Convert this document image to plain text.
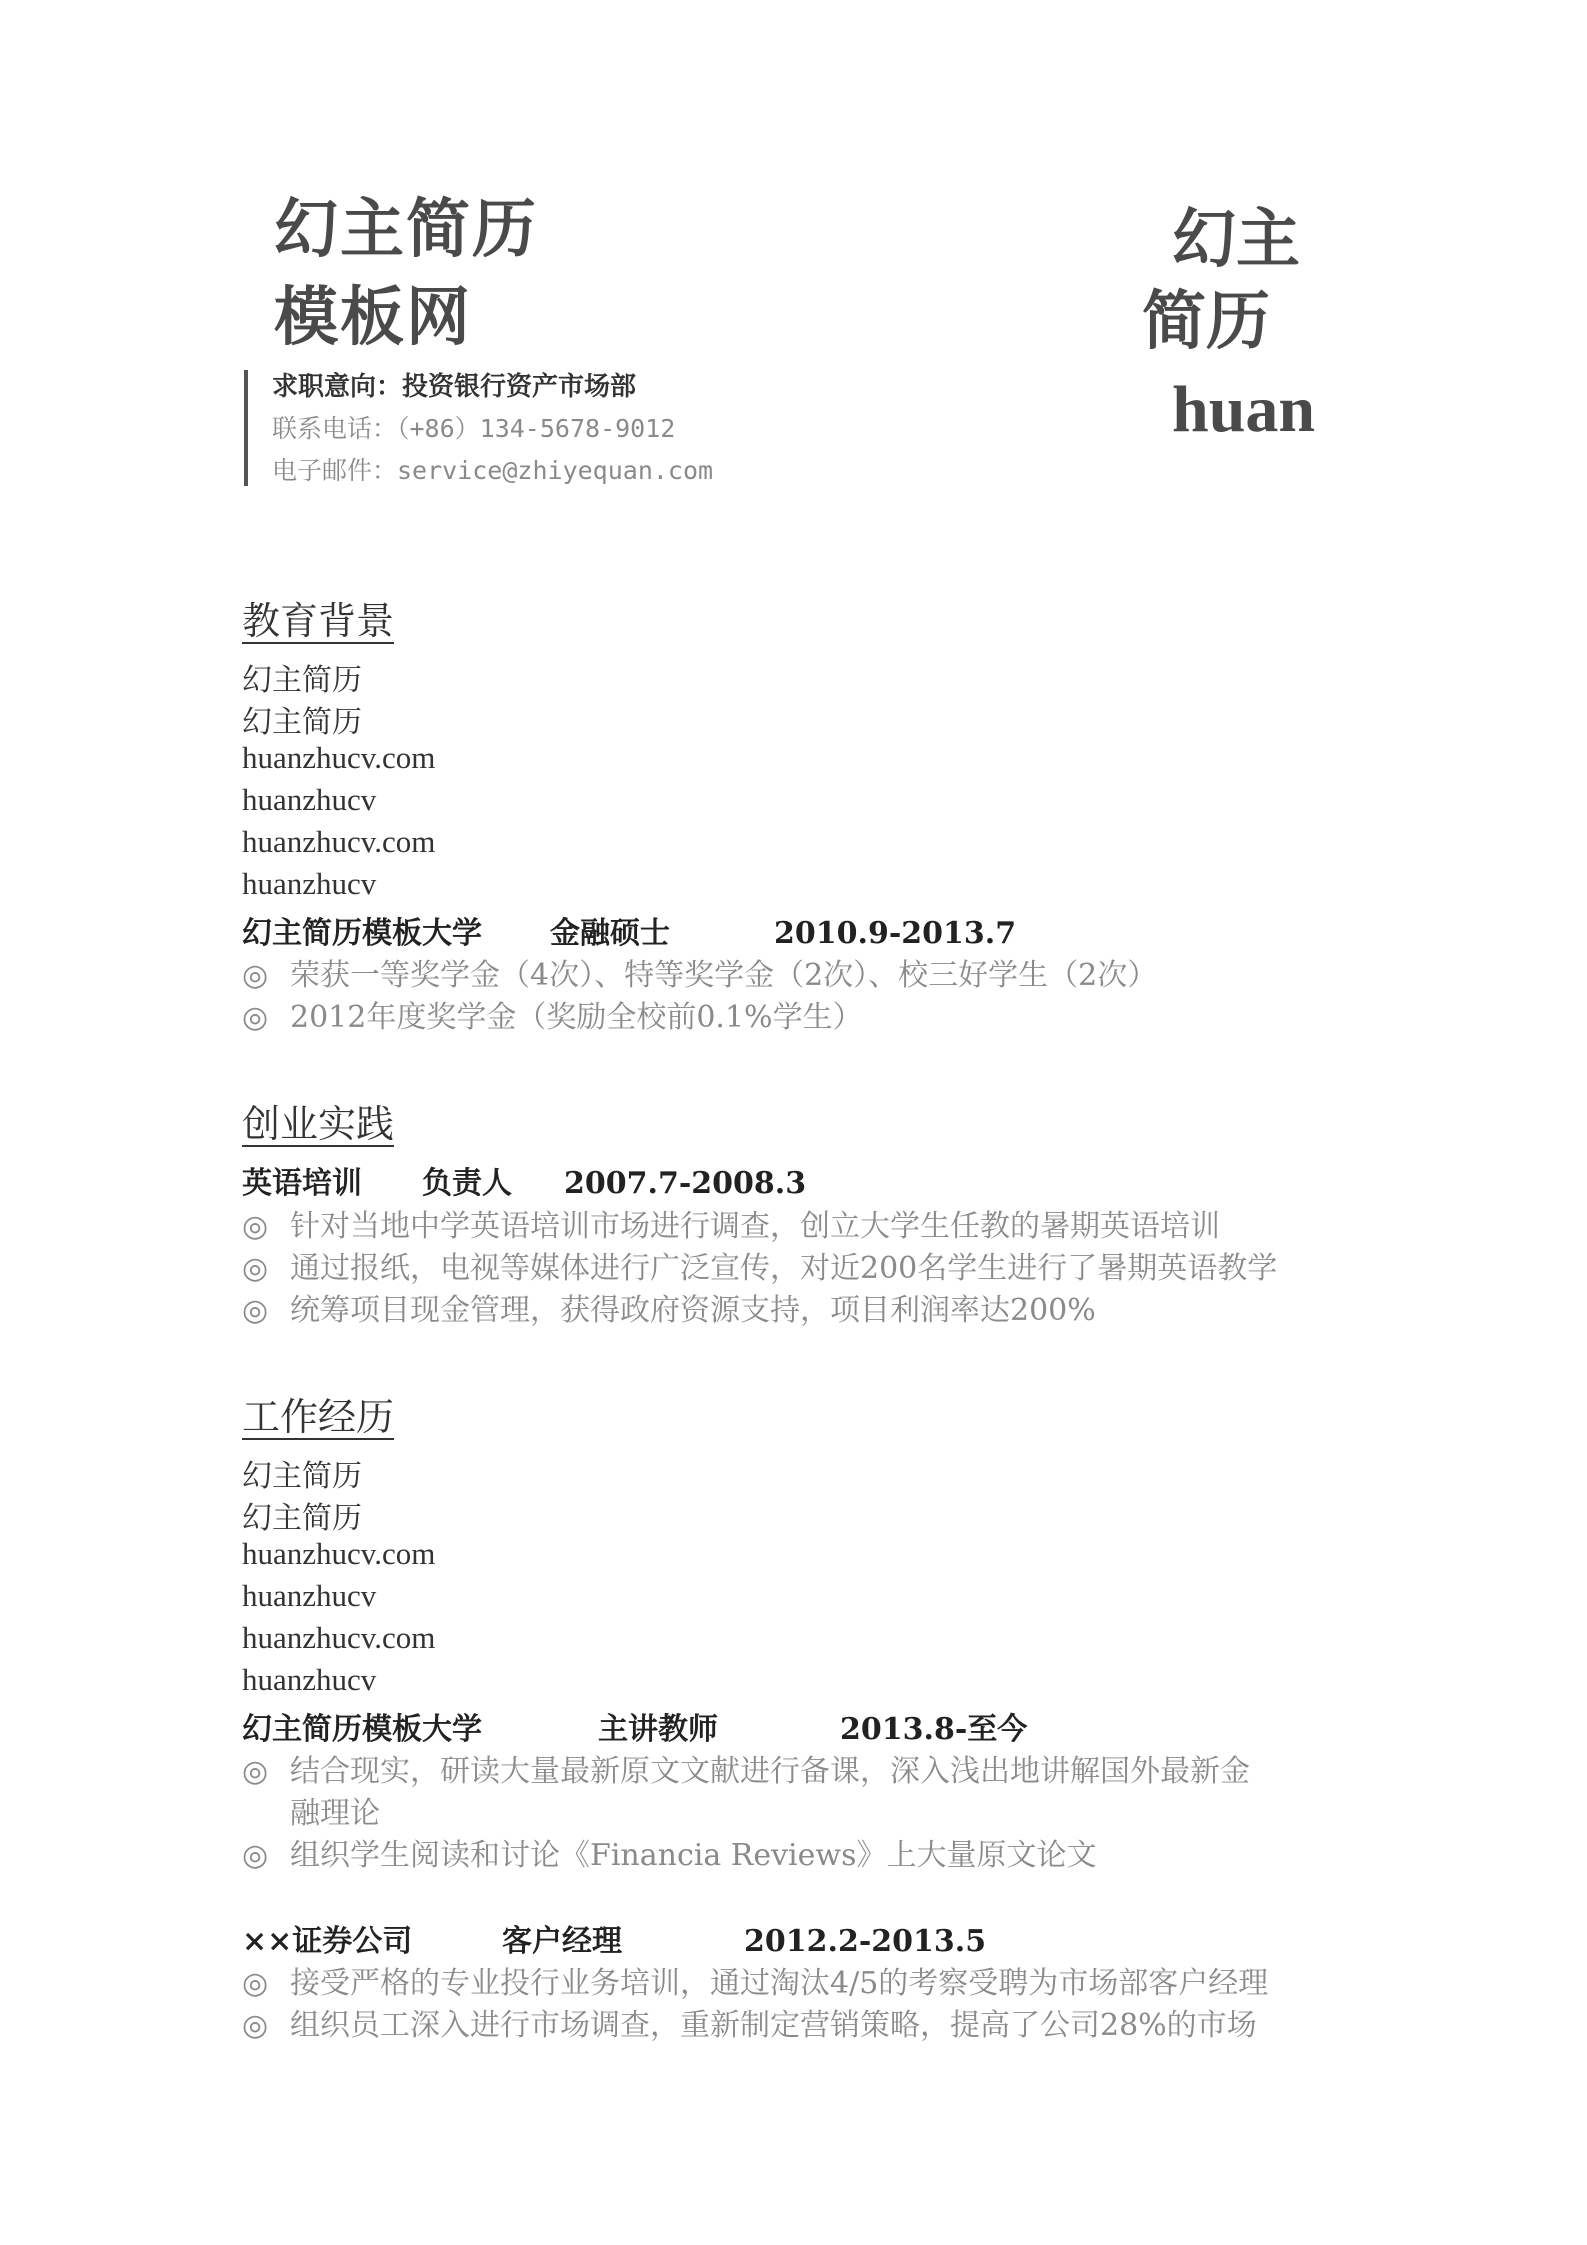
幻主简历
模板网
求职意向：投资银行资产市场部
联系电话：（+86）134-5678-9012
电子邮件：service@zhiyequan.com
幻主
简历
huan
教育背景
幻主简历
幻主简历
huanzhucv.com
huanzhucv
huanzhucv.com
huanzhucv
幻主简历模板大学 金融硕士	2010.9-2013.7
◎ 荣获一等奖学金（4次）、特等奖学金（2次）、校三好学生（2次）
◎ 2012年度奖学金（奖励全校前0.1%学生）
创业实践
英语培训 负责人 2007.7-2008.3
◎ 针对当地中学英语培训市场进行调查，创立大学生任教的暑期英语培训
◎ 通过报纸，电视等媒体进行广泛宣传，对近200名学生进行了暑期英语教学
◎ 统筹项目现金管理，获得政府资源支持，项目利润率达200%
工作经历
幻主简历
幻主简历
huanzhucv.com
huanzhucv
huanzhucv.com
huanzhucv
幻主简历模板大学	主讲教师	2013.8-至今
◎ 结合现实，研读大量最新原文文献进行备课，深入浅出地讲解国外最新金
融理论
◎ 组织学生阅读和讨论《Financia Reviews》上大量原文论文
××证券公司	客户经理	2012.2-2013.5
◎ 接受严格的专业投行业务培训，通过淘汰4/5的考察受聘为市场部客户经理
◎ 组织员工深入进行市场调查，重新制定营销策略，提高了公司28%的市场
